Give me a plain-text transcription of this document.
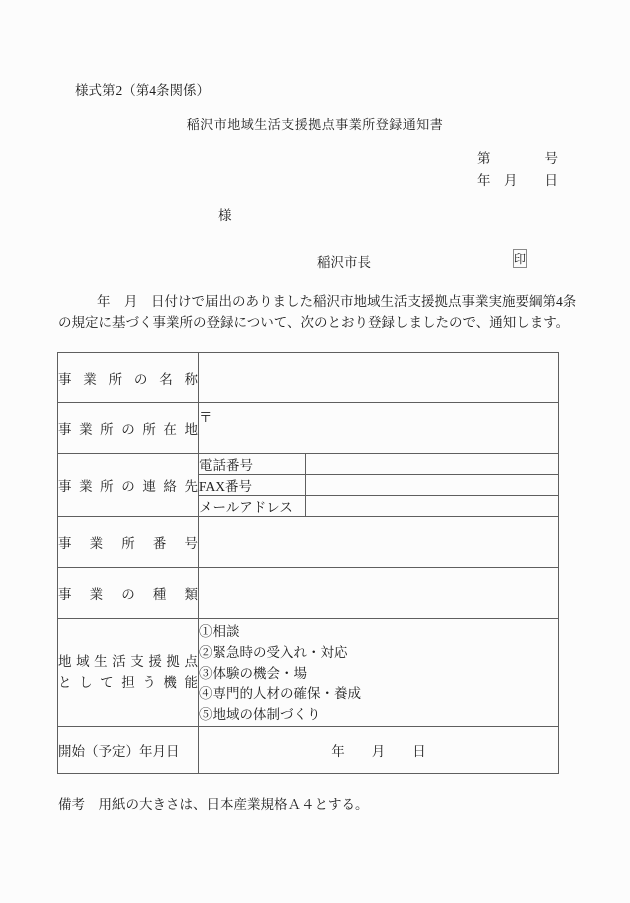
様式第2（第4条関係）
稲沢市地域生活支援拠点事業所登録通知書
第　　　　号
年　月　　日
様
稲沢市長	印
年　月　日付けで届出のありました稲沢市地域生活支援拠点事業実施要綱第4条
の規定に基づく事業所の登録について、次のとおり登録しましたので、通知します。
事業所の名称		
事業所の所在地	〒	
事業所の連絡先	電話番号	
	FAX番号	
	メールアドレス	
事業所番号		
事業の種類		

地域生活支援拠点
として担う機能

①相談
②緊急時の受入れ・対応
③体験の機会・場
④専門的人材の確保・養成
⑤地域の体制づくり

開始（予定）年月日	年　　月　　日	
備考　用紙の大きさは、日本産業規格Ａ４とする。
